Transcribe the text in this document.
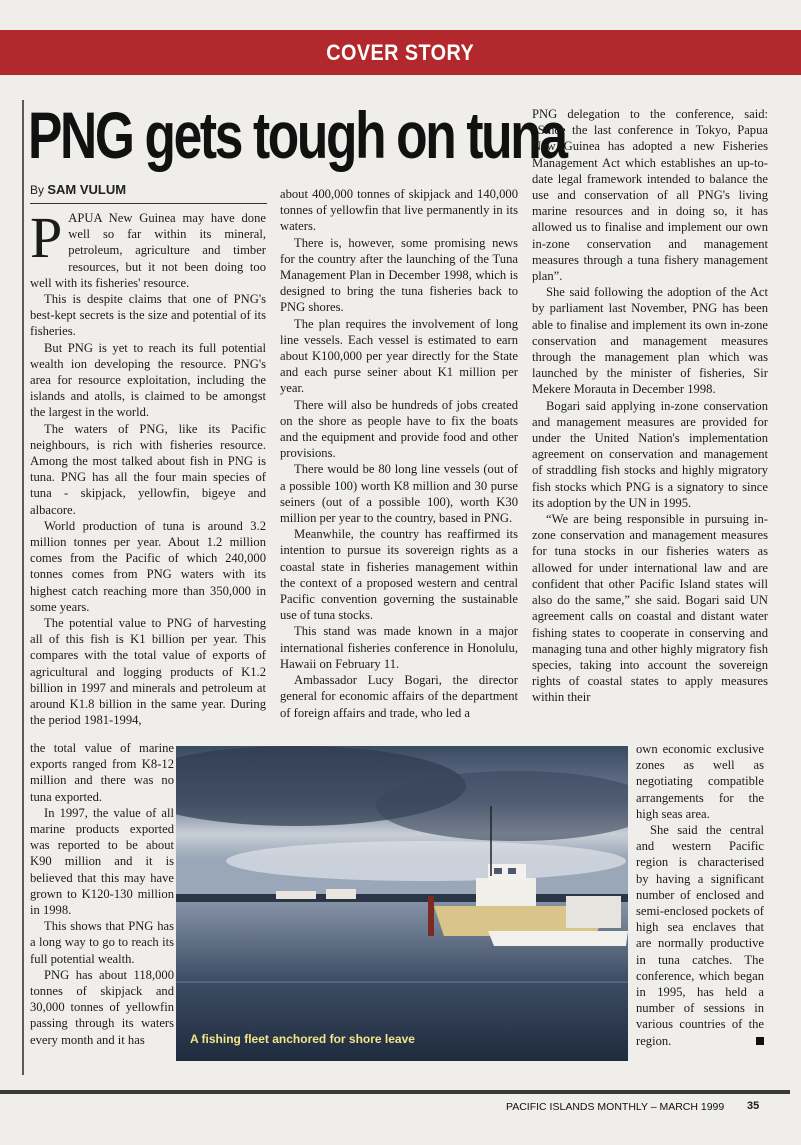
COVER STORY
PNG gets tough on tuna
By SAM VULUM

PAPUA New Guinea may have done well so far within its mineral, petroleum, agriculture and timber resources, but it not been doing too well with its fisheries' resource.

This is despite claims that one of PNG's best-kept secrets is the size and potential of its fisheries.

But PNG is yet to reach its full potential wealth ion developing the resource. PNG's area for resource exploitation, including the islands and atolls, is claimed to be amongst the largest in the world.

The waters of PNG, like its Pacific neighbours, is rich with fisheries resource. Among the most talked about fish in PNG is tuna. PNG has all the four main species of tuna - skipjack, yellowfin, bigeye and albacore.

World production of tuna is around 3.2 million tonnes per year. About 1.2 million comes from the Pacific of which 240,000 tonnes comes from PNG waters with its highest catch reaching more than 350,000 in some years.

The potential value to PNG of harvesting all of this fish is K1 billion per year. This compares with the total value of exports of agricultural and logging products of K1.2 billion in 1997 and minerals and petroleum at around K1.8 billion in the same year. During the period 1981-1994,

the total value of marine exports ranged from K8-12 million and there was no tuna exported.

In 1997, the value of all marine products exported was reported to be about K90 million and it is believed that this may have grown to K120-130 million in 1998.

This shows that PNG has a long way to go to reach its full potential wealth.

PNG has about 118,000 tonnes of skipjack and 30,000 tonnes of yellowfin passing through its waters every month and it has

about 400,000 tonnes of skipjack and 140,000 tonnes of yellowfin that live permanently in its waters.

There is, however, some promising news for the country after the launching of the Tuna Management Plan in December 1998, which is designed to bring the tuna fisheries back to PNG shores.

The plan requires the involvement of long line vessels. Each vessel is estimated to earn about K100,000 per year directly for the State and each purse seiner about K1 million per year.

There will also be hundreds of jobs created on the shore as people have to fix the boats and the equipment and provide food and other provisions.

There would be 80 long line vessels (out of a possible 100) worth K8 million and 30 purse seiners (out of a possible 100), worth K30 million per year to the country, based in PNG.

Meanwhile, the country has reaffirmed its intention to pursue its sovereign rights as a coastal state in fisheries management within the context of a proposed western and central Pacific convention governing the sustainable use of tuna stocks.

This stand was made known in a major international fisheries conference in Honolulu, Hawaii on February 11.

Ambassador Lucy Bogari, the director general for economic affairs of the department of foreign affairs and trade, who led a

PNG delegation to the conference, said: “Since the last conference in Tokyo, Papua New Guinea has adopted a new Fisheries Management Act which establishes an up-to-date legal framework intended to balance the use and conservation of all PNG's living marine resources and in doing so, it has allowed us to finalise and implement our own in-zone conservation and management measures through a tuna fishery management plan”.

She said following the adoption of the Act by parliament last November, PNG has been able to finalise and implement its own in-zone conservation and management measures through the management plan which was launched by the minister of fisheries, Sir Mekere Morauta in December 1998.

Bogari said applying in-zone conservation and management measures are provided for under the United Nation's implementation agreement on conservation and management of straddling fish stocks and highly migratory fish stocks which PNG is a signatory to since its adoption by the UN in 1995.

“We are being responsible in pursuing in-zone conservation and management measures for tuna stocks in our fisheries waters as allowed for under international law and are confident that other Pacific Island states will also do the same,” she said. Bogari said UN agreement calls on coastal and distant water fishing states to cooperate in conserving and managing tuna and other highly migratory fish species, taking into account the sovereign rights of coastal states to apply measures within their

own economic exclusive zones as well as negotiating compatible arrangements for the high seas area.

She said the central and western Pacific region is characterised by having a significant number of enclosed and semi-enclosed pockets of high sea enclaves that are normally productive in tuna catches. The conference, which began in 1995, has held a number of sessions in various countries of the region.

A fishing fleet anchored for shore leave
PACIFIC ISLANDS MONTHLY – MARCH 1999 35
